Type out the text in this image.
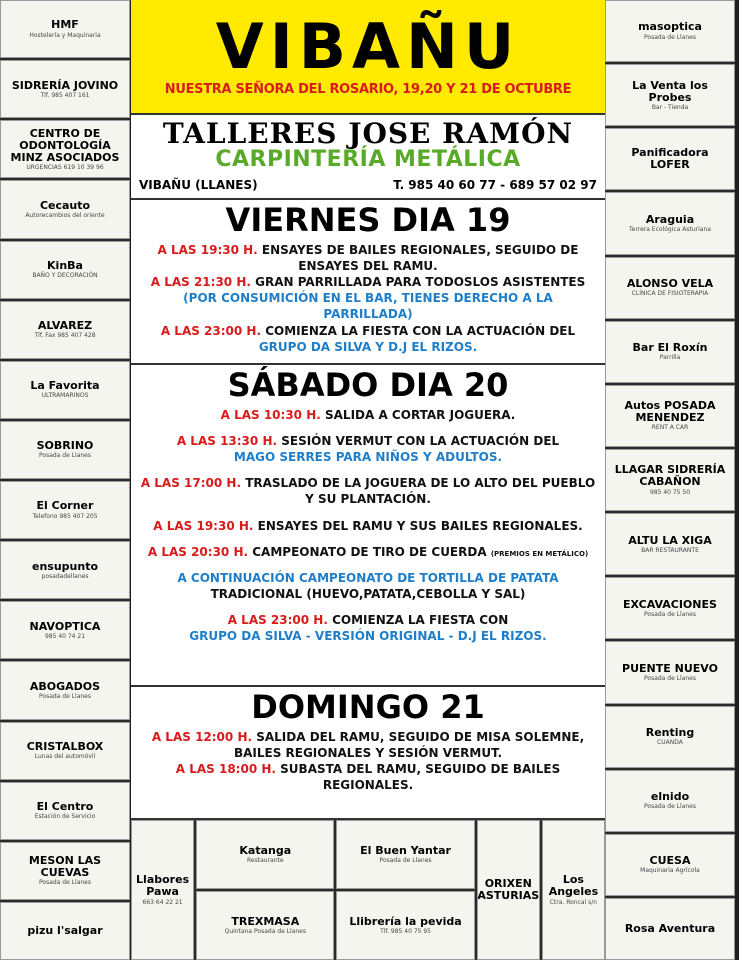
HMF
Hostelería y Maquinaria
SIDRERÍA JOVINO
Tlf. 985 407 161
CENTRO DE ODONTOLOGÍA MINZ ASOCIADOS
URGENCIAS 619 10 39 96
Cecauto
Autorecambios del oriente
KinBa
BAÑO Y DECORACIÓN
ALVAREZ
Tlf. Fax 985 407 428
La Favorita
ULTRAMARINOS
SOBRINO
Posada de Llanes
El Corner
Telefono 985 407 205
ensupunto
posadadellanes
NAVOPTICA
985 40 74 21
ABOGADOS
Posada de Llanes
CRISTALBOX
Lunas del automóvil
El Centro
Estación de Servicio
MESON LAS CUEVAS
Posada de Llanes
pizu l'salgar
VIBAÑU
NUESTRA SEÑORA DEL ROSARIO, 19,20 Y 21 DE OCTUBRE
TALLERES JOSE RAMÓN
CARPINTERÍA METÁLICA
VIBAÑU (LLANES)	T. 985 40 60 77 - 689 57 02 97
VIERNES DIA 19
A LAS 19:30 H. ENSAYES DE BAILES REGIONALES, SEGUIDO DE ENSAYES DEL RAMU.
A LAS 21:30 H. GRAN PARRILLADA PARA TODOSLOS ASISTENTES
(POR CONSUMICIÓN EN EL BAR, TIENES DERECHO A LA PARRILLADA)
A LAS 23:00 H. COMIENZA LA FIESTA CON LA ACTUACIÓN DEL
GRUPO DA SILVA Y D.J EL RIZOS.
SÁBADO DIA 20
A LAS 10:30 H. SALIDA A CORTAR JOGUERA.
A LAS 13:30 H. SESIÓN VERMUT CON LA ACTUACIÓN DEL
MAGO SERRES PARA NIÑOS Y ADULTOS.
A LAS 17:00 H. TRASLADO DE LA JOGUERA DE LO ALTO DEL PUEBLO Y SU PLANTACIÓN.
A LAS 19:30 H. ENSAYES DEL RAMU Y SUS BAILES REGIONALES.
A LAS 20:30 H. CAMPEONATO DE TIRO DE CUERDA (PREMIOS EN METÁLICO)
A CONTINUACIÓN CAMPEONATO DE TORTILLA DE PATATA
TRADICIONAL (HUEVO,PATATA,CEBOLLA Y SAL)
A LAS 23:00 H. COMIENZA LA FIESTA CON
GRUPO DA SILVA - VERSIÓN ORIGINAL - D.J EL RIZOS.
DOMINGO 21
A LAS 12:00 H. SALIDA DEL RAMU, SEGUIDO DE MISA SOLEMNE, BAILES REGIONALES Y SESIÓN VERMUT.
A LAS 18:00 H. SUBASTA DEL RAMU, SEGUIDO DE BAILES REGIONALES.
masoptica
Posada de Llanes
La Venta los Probes
Bar - Tienda
Panificadora LOFER
Araguia
Terrera Ecológica Asturiana
ALONSO VELA
CLÍNICA DE FISIOTERAPIA
Bar El Roxín
Parrilla
Autos POSADA MENENDEZ
RENT A CAR
LLAGAR SIDRERÍA CABAÑON
985 40 75 50
ALTU LA XIGA
BAR RESTAURANTE
EXCAVACIONES
Posada de Llanes
PUENTE NUEVO
Posada de Llanes
Renting
CUANDA
elnido
Posada de Llanes
CUESA
Maquinaria Agrícola
Rosa Aventura
Llabores Pawa
663 64 22 21
Katanga
Restaurante
TREXMASA
Quintana Posada de Llanes
El Buen Yantar
Posada de Llanes
Llibrería la pevida
Tlf. 985 40 75 95
ORIXEN ASTURIAS
Los Angeles
Ctra. Roncal s/n
